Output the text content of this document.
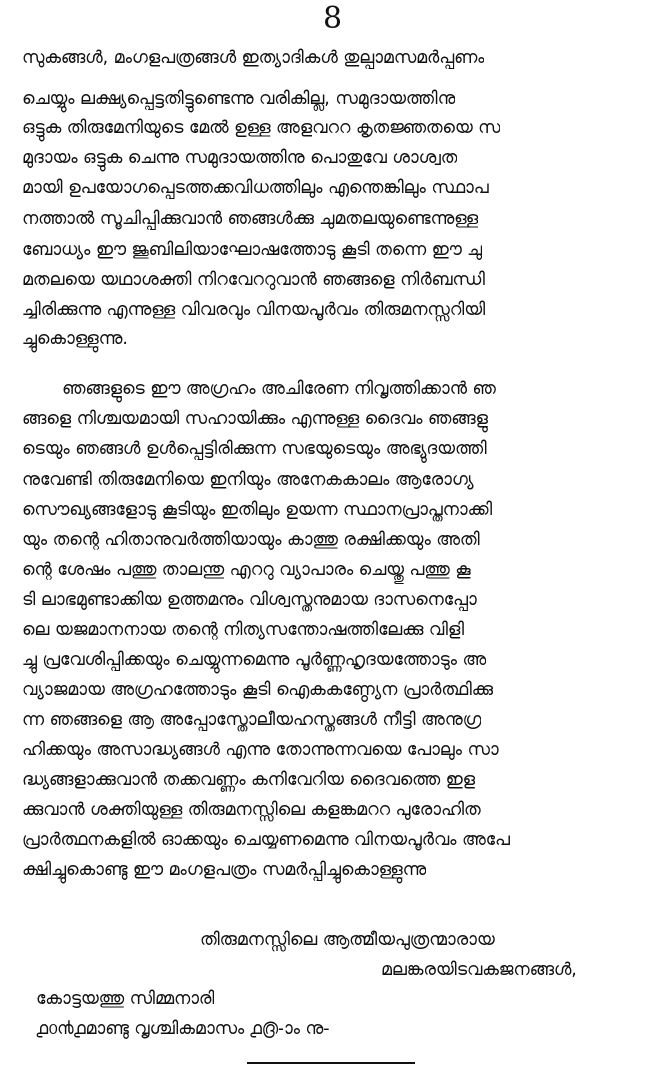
8
സുകങ്ങൾ, മംഗളപത്രങ്ങൾ ഇത്യാദികൾ തുല്പാമസമർപ്പണം
ചെയ്യും ലക്ഷ്യപ്പെട്ടതിട്ടുണ്ടെന്നു വരികില്ല, സമുദായത്തിനു
ഒട്ടുക തിരുമേനിയുടെ മേൽ ഉള്ള അളവററ കൃതജ്ഞതയെ സ
മുദായം ഒട്ടുക ചെന്നു സമുദായത്തിനു പൊതുവേ ശാശ്വത
മായി ഉപയോഗപ്പെടത്തക്കവിധത്തിലും എന്തെങ്കിലും സ്ഥാപ
നത്താൽ സൂചിപ്പിക്കുവാൻ ഞങ്ങൾക്കു ചുമതലയുണ്ടെന്നുള്ള
ബോധ്യം ഈ ജൂബിലിയാഘോഷത്തോടു കൂടി തന്നെ ഈ ചു
മതലയെ യഥാശക്തി നിറവേററുവാൻ ഞങ്ങളെ നിർബന്ധി
ച്ചിരിക്കുന്നു എന്നുള്ള വിവരവും വിനയപൂർവം തിരുമനസ്സറിയി
ച്ചുകൊള്ളുന്നു.
ഞങ്ങളുടെ ഈ അഗ്രഹം അചിരേണ നിവൃത്തിക്കാൻ ഞ
ങ്ങളെ നിശ്ചയമായി സഹായിക്കും എന്നുള്ള ദൈവം ഞങ്ങളു
ടെയും ഞങ്ങൾ ഉൾപ്പെട്ടിരിക്കുന്ന സഭയുടെയും അഭ്യുദയത്തി
നുവേണ്ടി തിരുമേനിയെ ഇനിയും അനേകകാലം ആരോഗ്യ
സൌഖ്യങ്ങളോടു കൂടിയും ഇതിലും ഉയന്ന സ്ഥാനപ്രാപ്തനാക്കി
യും തന്റെ ഹിതാനുവർത്തിയായും കാത്തു രക്ഷിക്കയും അതി
ന്റെ ശേഷം പത്തു താലന്തു എററു വ്യാപാരം ചെയ്തു പത്തു കൂ
ടി ലാഭമുണ്ടാക്കിയ ഉത്തമനും വിശ്വസ്തനുമായ ദാസനെപ്പോ
ലെ യജമാനനായ തന്റെ നിത്യസന്തോഷത്തിലേക്കു വിളി
ച്ചു പ്രവേശിപ്പിക്കയും ചെയ്യുന്നമെന്നു പൂർണ്ണഹൃദയത്തോടും അ
വ്യാജമായ അഗ്രഹത്തോടും കൂടി ഐകകണ്ഠ്യേന പ്രാർത്ഥിക്കു
ന്ന ഞങ്ങളെ ആ അപ്പോസ്തോലീയഹസ്തങ്ങൾ നീട്ടി അനുഗ്ര
ഹിക്കയും അസാദ്ധ്യങ്ങൾ എന്നു തോന്നുന്നവയെ പോലും സാ
ദ്ധ്യങ്ങളാക്കുവാൻ തക്കവണ്ണം കനിവേറിയ ദൈവത്തെ ഇള
ക്കുവാൻ ശക്തിയുള്ള തിരുമനസ്സിലെ കളങ്കമററ പുരോഹിത
പ്രാർത്ഥനകളിൽ ഓക്കയും ചെയ്യണമെന്നു വിനയപൂർവം അപേ
ക്ഷിച്ചുകൊണ്ടു ഈ മംഗളപത്രം സമർപ്പിച്ചുകൊള്ളുന്നു
തിരുമനസ്സിലെ ആത്മീയപുത്രന്മാരായ
മലങ്കരയിടവകജനങ്ങൾ,
കോട്ടയത്തു സിമ്മനാരി
൧൦൯൧മാണ്ടു വൃശ്ചികമാസം ൧൫-ാം നു-
